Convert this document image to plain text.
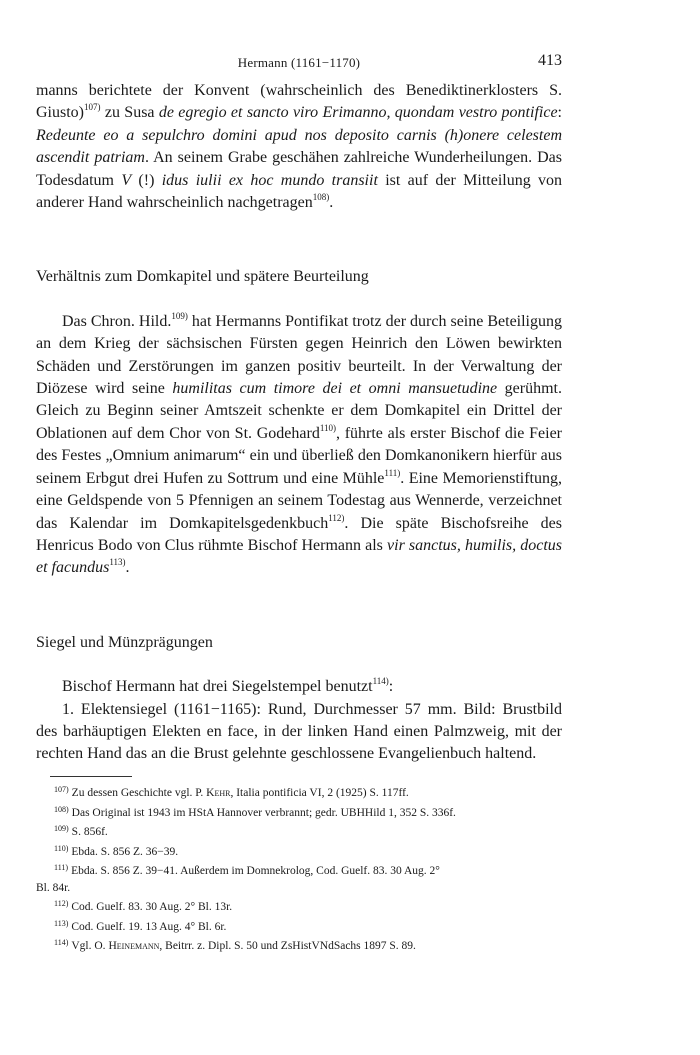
Hermann (1161−1170)	413

manns berichtete der Konvent (wahrscheinlich des Benediktinerklosters S. Giusto)$^{107)}$ zu Susa de egregio et sancto viro Erimanno, quondam vestro pontifice: Redeunte eo a sepulchro domini apud nos deposito carnis (h)onere celestem ascendit patriam. An seinem Grabe geschähen zahlreiche Wunderheilungen. Das Todesdatum V (!) idus iulii ex hoc mundo transiit ist auf der Mitteilung von anderer Hand wahrscheinlich nachgetragen$^{108)}$.

Verhältnis zum Domkapitel und spätere Beurteilung

Das Chron. Hild.$^{109)}$ hat Hermanns Pontifikat trotz der durch seine Beteiligung an dem Krieg der sächsischen Fürsten gegen Heinrich den Löwen bewirkten Schäden und Zerstörungen im ganzen positiv beurteilt. In der Verwaltung der Diözese wird seine humilitas cum timore dei et omni mansuetudine gerühmt. Gleich zu Beginn seiner Amtszeit schenkte er dem Domkapitel ein Drittel der Oblationen auf dem Chor von St. Godehard$^{110)}$, führte als erster Bischof die Feier des Festes „Omnium animarum“ ein und überließ den Domkanonikern hierfür aus seinem Erbgut drei Hufen zu Sottrum und eine Mühle$^{111)}$. Eine Memorienstiftung, eine Geldspende von 5 Pfennigen an seinem Todestag aus Wennerde, verzeichnet das Kalendar im Domkapitelsgedenkbuch$^{112)}$. Die späte Bischofsreihe des Henricus Bodo von Clus rühmte Bischof Hermann als vir sanctus, humilis, doctus et facundus$^{113)}$.

Siegel und Münzprägungen

Bischof Hermann hat drei Siegelstempel benutzt$^{114)}$:

1. Elektensiegel (1161−1165): Rund, Durchmesser 57 mm. Bild: Brustbild des barhäuptigen Elekten en face, in der linken Hand einen Palmzweig, mit der rechten Hand das an die Brust gelehnte geschlossene Evangelienbuch haltend.

$^{107)}$ Zu dessen Geschichte vgl. P. Kehr, Italia pontificia VI, 2 (1925) S. 117ff.

$^{108)}$ Das Original ist 1943 im HStA Hannover verbrannt; gedr. UBHHild 1, 352 S. 336f.

$^{109)}$ S. 856f.

$^{110)}$ Ebda. S. 856 Z. 36−39.

$^{111)}$ Ebda. S. 856 Z. 39−41. Außerdem im Domnekrolog, Cod. Guelf. 83. 30 Aug. 2°

Bl. 84r.

$^{112)}$ Cod. Guelf. 83. 30 Aug. 2° Bl. 13r.

$^{113)}$ Cod. Guelf. 19. 13 Aug. 4° Bl. 6r.

$^{114)}$ Vgl. O. Heinemann, Beitrr. z. Dipl. S. 50 und ZsHistVNdSachs 1897 S. 89.
